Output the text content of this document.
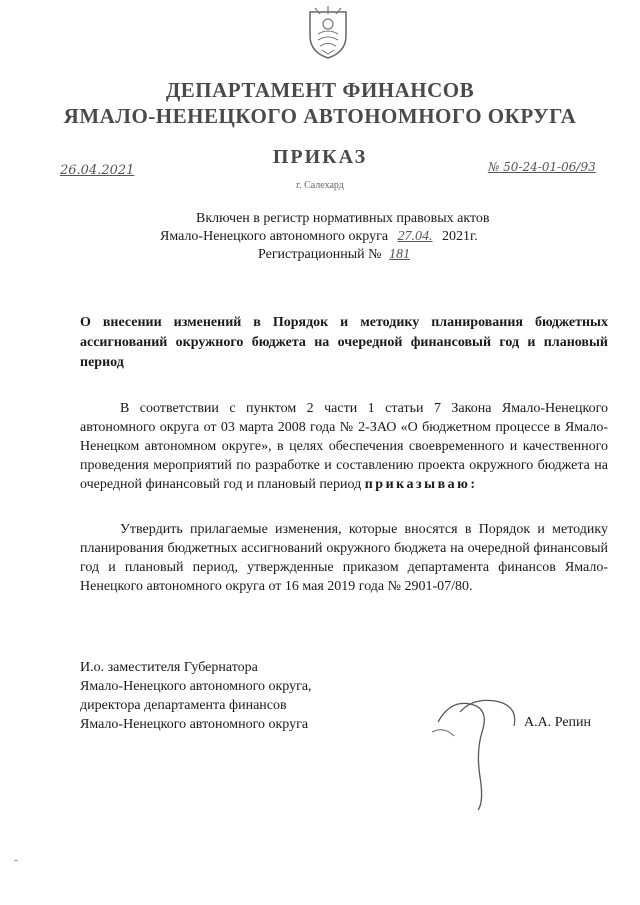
ДЕПАРТАМЕНТ ФИНАНСОВ
ЯМАЛО-НЕНЕЦКОГО АВТОНОМНОГО ОКРУГА
ПРИКАЗ
26.04.2021	№ 50-24-01-06/93
г. Салехард
Включен в регистр нормативных правовых актов
Ямало-Ненецкого автономного округа 27.04. 2021г.
Регистрационный № 181
О внесении изменений в Порядок и методику планирования бюджетных ассигнований окружного бюджета на очередной финансовый год и плановый период

В соответствии с пунктом 2 части 1 статьи 7 Закона Ямало-Ненецкого автономного округа от 03 марта 2008 года № 2-ЗАО «О бюджетном процессе в Ямало-Ненецком автономном округе», в целях обеспечения своевременного и качественного проведения мероприятий по разработке и составлению проекта окружного бюджета на очередной финансовый год и плановый период приказываю:

Утвердить прилагаемые изменения, которые вносятся в Порядок и методику планирования бюджетных ассигнований окружного бюджета на очередной финансовый год и плановый период, утвержденные приказом департамента финансов Ямало-Ненецкого автономного округа от 16 мая 2019 года № 2901-07/80.

И.о. заместителя Губернатора
Ямало-Ненецкого автономного округа,
директора департамента финансов
Ямало-Ненецкого автономного округа	А.А. Репин
